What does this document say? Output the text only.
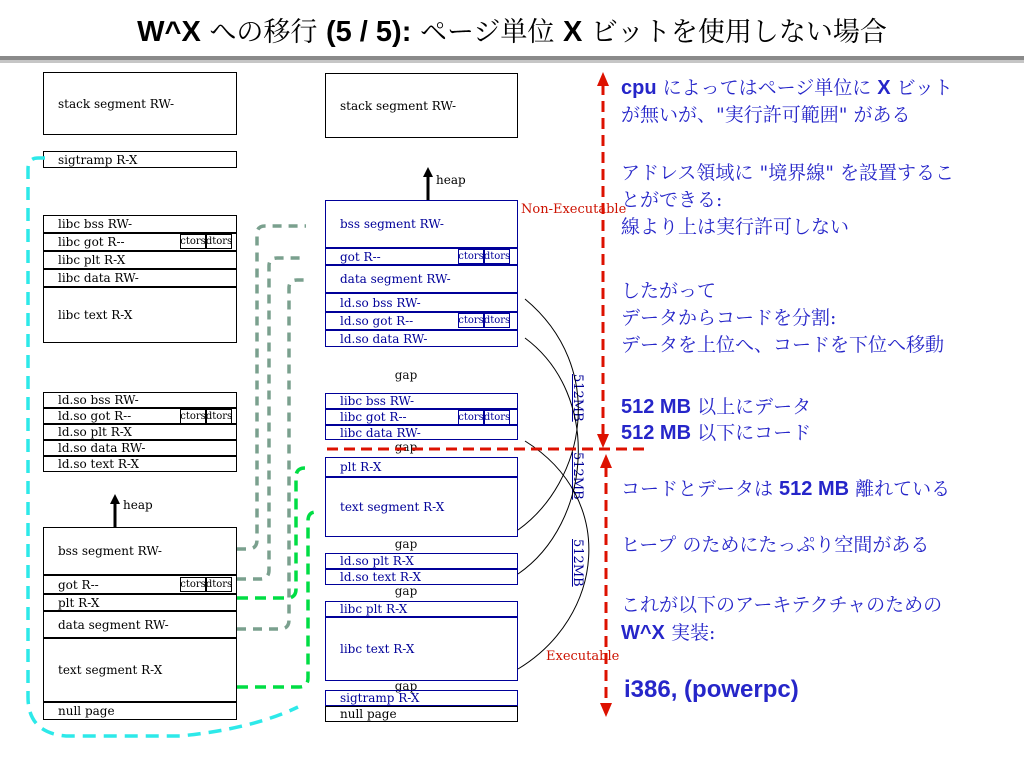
W^X への移行 (5 / 5): ページ単位 X ビットを使用しない場合
stack segment RW-
sigtramp R-X
libc bss RW-
libc got R--	ctors dtors
libc plt R-X
libc data RW-
libc text R-X
ld.so bss RW-
ld.so got R--	ctors dtors
ld.so plt R-X
ld.so data RW-
ld.so text R-X
heap
bss segment RW-
got R--	ctors dtors
plt R-X
data segment RW-
text segment R-X
null page
stack segment RW-
heap
bss segment RW-
got R--	ctors dtors
data segment RW-
ld.so bss RW-
ld.so got R--	ctors dtors
ld.so data RW-
gap
libc bss RW-
libc got R--	ctors dtors
libc data RW-
gap
plt R-X
text segment R-X
gap
ld.so plt R-X
ld.so text R-X
gap
libc plt R-X
libc text R-X
gap
sigtramp R-X
null page
Non-Executable
Executable
512MB
512MB
512MB
cpu によってはページ単位に X ビット
が無いが、"実行許可範囲" がある
アドレス領域に "境界線" を設置するこ
とができる:
線より上は実行許可しない
したがって
データからコードを分割:
データを上位へ、コードを下位へ移動
512 MB 以上にデータ
512 MB 以下にコード
コードとデータは 512 MB 離れている
ヒープ のためにたっぷり空間がある
これが以下のアーキテクチャのための
W^X 実装:
i386, (powerpc)
